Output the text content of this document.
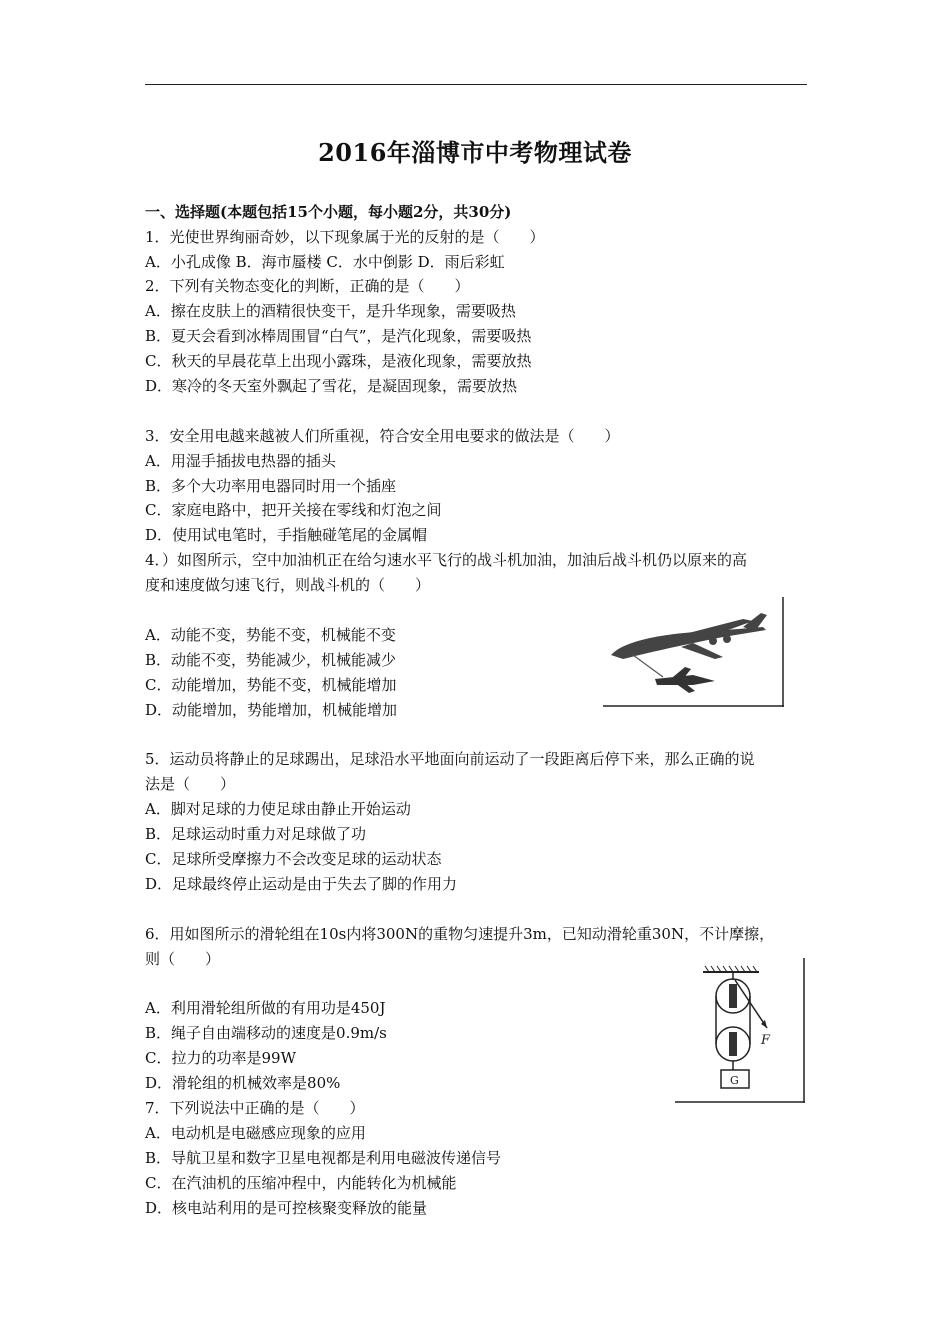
2016年淄博市中考物理试卷
一、选择题(本题包括15个小题，每小题2分，共30分)
1．光使世界绚丽奇妙，以下现象属于光的反射的是（　　）
A．小孔成像 B．海市蜃楼 C．水中倒影 D．雨后彩虹
2．下列有关物态变化的判断，正确的是（　　）
A．擦在皮肤上的酒精很快变干，是升华现象，需要吸热
B．夏天会看到冰棒周围冒“白气”，是汽化现象，需要吸热
C．秋天的早晨花草上出现小露珠，是液化现象，需要放热
D．寒冷的冬天室外飘起了雪花，是凝固现象，需要放热
3．安全用电越来越被人们所重视，符合安全用电要求的做法是（　　）
A．用湿手插拔电热器的插头
B．多个大功率用电器同时用一个插座
C．家庭电路中，把开关接在零线和灯泡之间
D．使用试电笔时，手指触碰笔尾的金属帽
4．）如图所示，空中加油机正在给匀速水平飞行的战斗机加油，加油后战斗机仍以原来的高
度和速度做匀速飞行，则战斗机的（　　）
A．动能不变，势能不变，机械能不变
B．动能不变，势能减少，机械能减少
C．动能增加，势能不变，机械能增加
D．动能增加，势能增加，机械能增加
5．运动员将静止的足球踢出，足球沿水平地面向前运动了一段距离后停下来，那么正确的说
法是（　　）
A．脚对足球的力使足球由静止开始运动
B．足球运动时重力对足球做了功
C．足球所受摩擦力不会改变足球的运动状态
D．足球最终停止运动是由于失去了脚的作用力
6．用如图所示的滑轮组在10s内将300N的重物匀速提升3m，已知动滑轮重30N，不计摩擦，
则（　　）
A．利用滑轮组所做的有用功是450J
B．绳子自由端移动的速度是0.9m/s
C．拉力的功率是99W
D．滑轮组的机械效率是80%
7．下列说法中正确的是（　　）
A．电动机是电磁感应现象的应用
B．导航卫星和数字卫星电视都是利用电磁波传递信号
C．在汽油机的压缩冲程中，内能转化为机械能
D．核电站利用的是可控核聚变释放的能量
F
G
